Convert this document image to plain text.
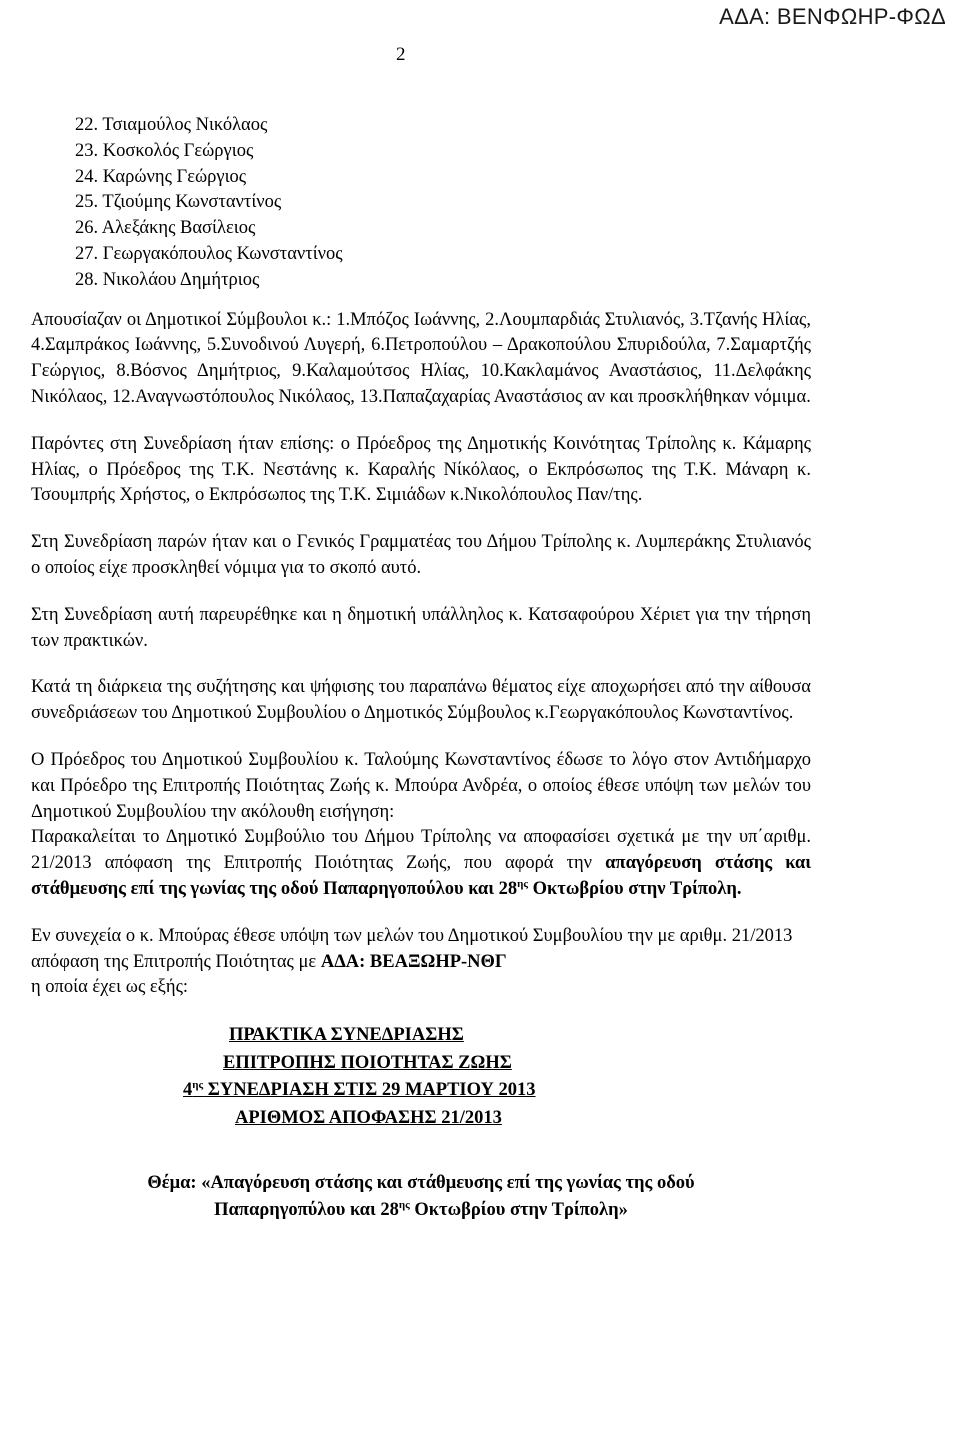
ΑΔΑ: ΒΕΝΦΩΗΡ-ΦΩΔ
2
22. Τσιαμούλος Νικόλαος
23. Κοσκολός Γεώργιος
24. Καρώνης Γεώργιος
25. Τζιούμης Κωνσταντίνος
26. Αλεξάκης Βασίλειος
27. Γεωργακόπουλος Κωνσταντίνος
28. Νικολάου Δημήτριος

Απουσίαζαν οι Δημοτικοί Σύμβουλοι κ.: 1.Μπόζος Ιωάννης, 2.Λουμπαρδιάς Στυλιανός, 3.Τζανής Ηλίας, 4.Σαμπράκος Ιωάννης, 5.Συνοδινού Λυγερή, 6.Πετροπούλου – Δρακοπούλου Σπυριδούλα, 7.Σαμαρτζής Γεώργιος, 8.Βόσνος Δημήτριος, 9.Καλαμούτσος Ηλίας, 10.Κακλαμάνος Αναστάσιος, 11.Δελφάκης Νικόλαος, 12.Αναγνωστόπουλος Νικόλαος, 13.Παπαζαχαρίας Αναστάσιος αν και προσκλήθηκαν νόμιμα.

Παρόντες στη Συνεδρίαση ήταν επίσης: ο Πρόεδρος της Δημοτικής Κοινότητας Τρίπολης κ. Κάμαρης Ηλίας, ο Πρόεδρος της Τ.Κ. Νεστάνης κ. Καραλής Νίκόλαος, ο Εκπρόσωπος της Τ.Κ. Μάναρη κ. Τσουμπρής Χρήστος, ο Εκπρόσωπος της Τ.Κ. Σιμιάδων κ.Νικολόπουλος Παν/της.

Στη Συνεδρίαση παρών ήταν και ο Γενικός Γραμματέας του Δήμου Τρίπολης κ. Λυμπεράκης Στυλιανός ο οποίος είχε προσκληθεί νόμιμα για το σκοπό αυτό.

Στη Συνεδρίαση αυτή παρευρέθηκε και η δημοτική υπάλληλος κ. Κατσαφούρου Χέριετ για την τήρηση των πρακτικών.

Κατά τη διάρκεια της συζήτησης και ψήφισης του παραπάνω θέματος είχε αποχωρήσει από την αίθουσα συνεδριάσεων του Δημοτικού Συμβουλίου ο Δημοτικός Σύμβουλος κ.Γεωργακόπουλος Κωνσταντίνος.

Ο Πρόεδρος του Δημοτικού Συμβουλίου κ. Ταλούμης Κωνσταντίνος έδωσε το λόγο στον Αντιδήμαρχο και Πρόεδρο της Επιτροπής Ποιότητας Ζωής κ. Μπούρα Ανδρέα, ο οποίος έθεσε υπόψη των μελών του Δημοτικού Συμβουλίου την ακόλουθη εισήγηση:

Παρακαλείται το Δημοτικό Συμβούλιο του Δήμου Τρίπολης να αποφασίσει σχετικά με την υπ΄αριθμ. 21/2013 απόφαση της Επιτροπής Ποιότητας Ζωής, που αφορά την απαγόρευση στάσης και στάθμευσης επί της γωνίας της οδού Παπαρηγοπούλου και $28^{\eta\varsigma}$ Οκτωβρίου στην Τρίπολη.

Εν συνεχεία ο κ. Μπούρας έθεσε υπόψη των μελών του Δημοτικού Συμβουλίου την με αριθμ. 21/2013 απόφαση της Επιτροπής Ποιότητας με ΑΔΑ: ΒΕΑΞΩΗΡ-ΝΘΓ
η οποία έχει ως εξής:

ΠΡΑΚΤΙΚΑ ΣΥΝΕΔΡΙΑΣΗΣ
ΕΠΙΤΡΟΠΗΣ ΠΟΙΟΤΗΤΑΣ ΖΩΗΣ
$4^{\eta\varsigma}$ ΣΥΝΕΔΡΙΑΣΗ ΣΤΙΣ 29 ΜΑΡΤΙΟΥ 2013
ΑΡΙΘΜΟΣ ΑΠΟΦΑΣΗΣ 21/2013
Θέμα: «Απαγόρευση στάσης και στάθμευσης επί της γωνίας της οδού
Παπαρηγοπύλου και $28^{\eta\varsigma}$ Οκτωβρίου στην Τρίπολη»
